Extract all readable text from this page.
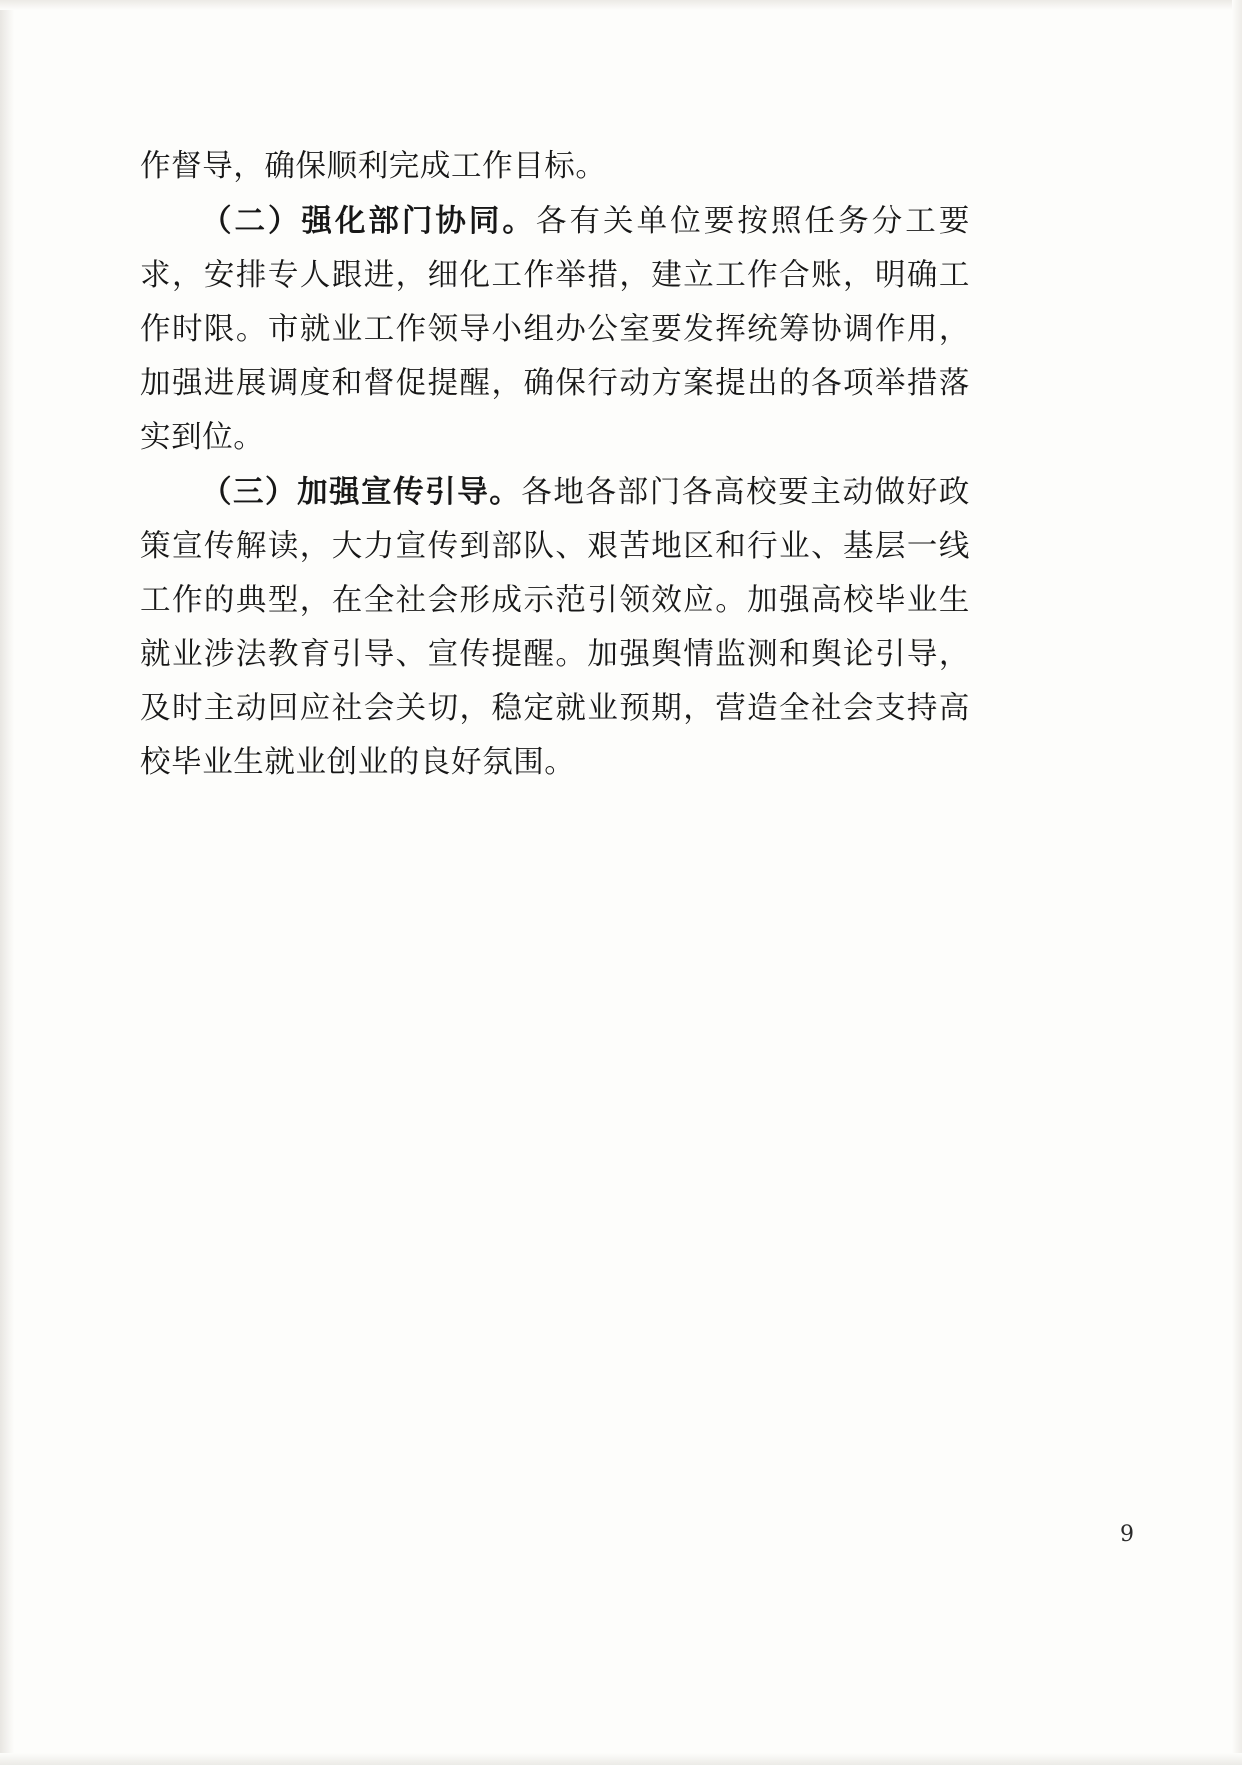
作督导，确保顺利完成工作目标。

（二）强化部门协同。各有关单位要按照任务分工要求，安排专人跟进，细化工作举措，建立工作合账，明确工作时限。市就业工作领导小组办公室要发挥统筹协调作用，加强进展调度和督促提醒，确保行动方案提出的各项举措落实到位。

（三）加强宣传引导。各地各部门各高校要主动做好政策宣传解读，大力宣传到部队、艰苦地区和行业、基层一线工作的典型，在全社会形成示范引领效应。加强高校毕业生就业涉法教育引导、宣传提醒。加强舆情监测和舆论引导，及时主动回应社会关切，稳定就业预期，营造全社会支持高校毕业生就业创业的良好氛围。

9
